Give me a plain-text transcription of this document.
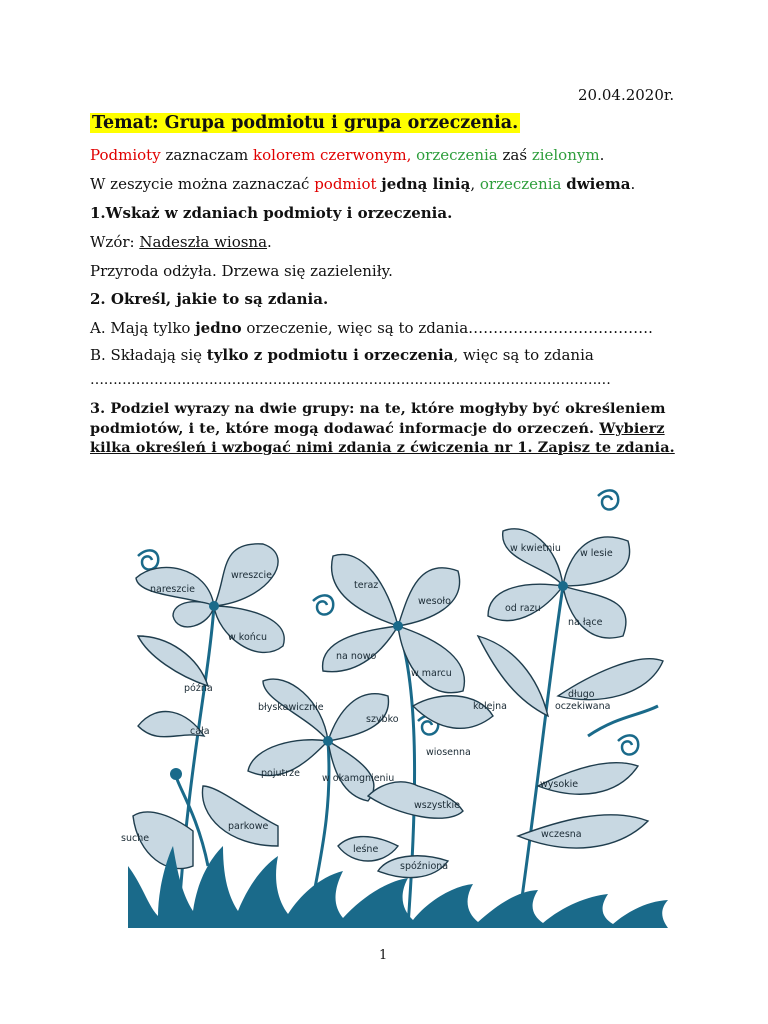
20.04.2020r.
Temat: Grupa podmiotu i grupa orzeczenia.
Podmioty zaznaczam kolorem czerwonym, orzeczenia zaś zielonym.
W zeszycie można zaznaczać podmiot jedną linią, orzeczenia dwiema.
1.Wskaż w zdaniach podmioty i orzeczenia.
Wzór: Nadeszła wiosna.
Przyroda odżyła. Drzewa się zazieleniły.
2. Określ, jakie to są zdania.
A. Mają tylko jedno orzeczenie, więc są to zdania……………………………….
B. Składają się tylko z podmiotu i orzeczenia, więc są to zdania
……………………………………………………………………………………………………
3. Podziel wyrazy na dwie grupy: na te, które mogłyby być określeniem podmiotów, i te, które mogą dodawać informacje do orzeczeń. Wybierz kilka określeń i wzbogać nimi zdania z ćwiczenia nr 1. Zapisz te zdania.
nareszcie
wreszcie
w końcu
teraz
wesoło
na nowo
w marcu
w kwietniu w lesie
od razu
na łące
późna
cała
błyskawicznie
szybko
pojutrze w okamgnieniu
kolejna
wiosenna
długo
oczekiwana
wysokie
wszystkie
suche
parkowe
leśne
spóźniona
wczesna
1
